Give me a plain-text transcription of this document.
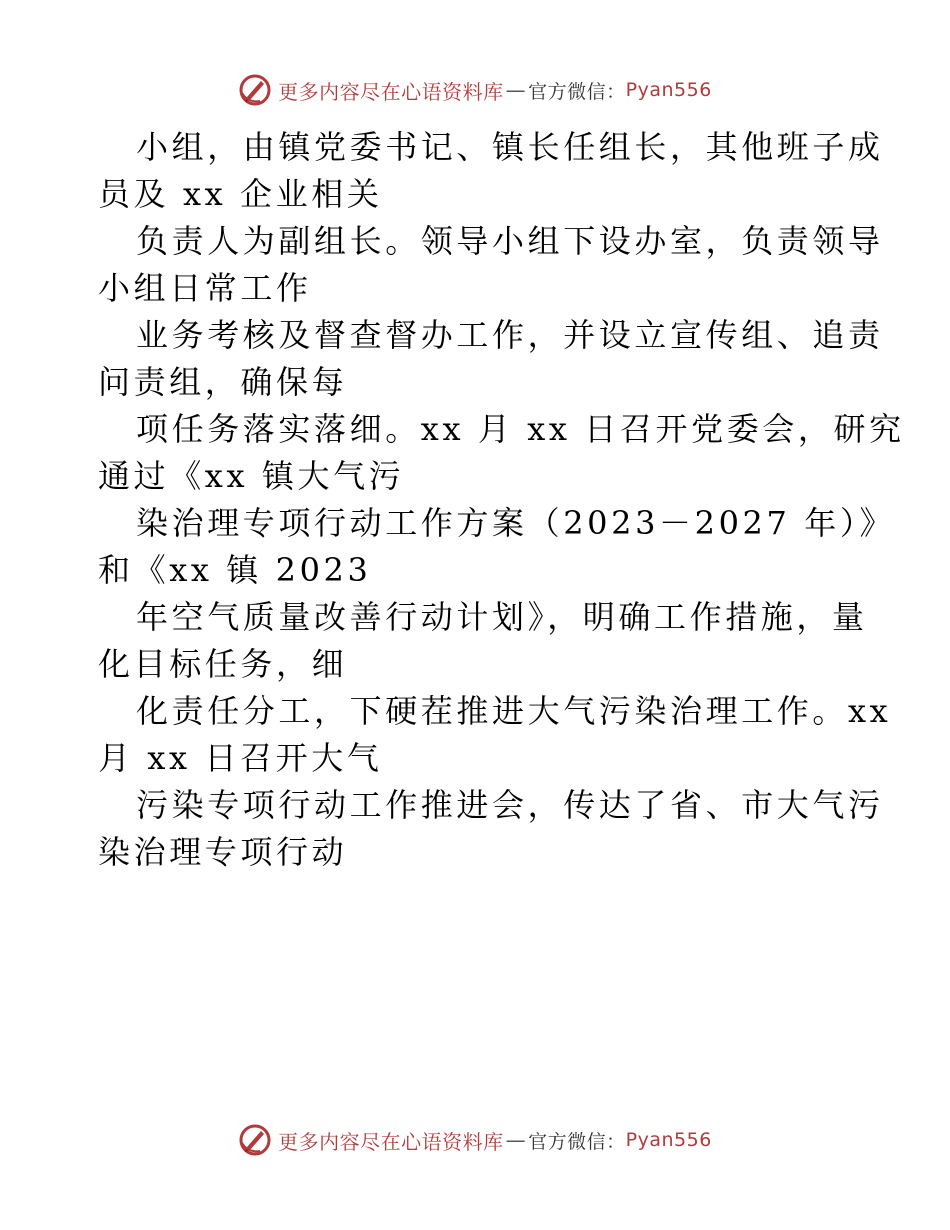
更多内容尽在心语资料库 — 官方微信： Pyan556
小组，由镇党委书记、镇长任组长，其他班子成
员及 xx 企业相关
负责人为副组长。领导小组下设办室，负责领导
小组日常工作
业务考核及督查督办工作，并设立宣传组、追责
问责组，确保每
项任务落实落细。xx 月 xx 日召开党委会，研究
通过《xx 镇大气污
染治理专项行动工作方案（2023－2027 年）》
和《xx 镇 2023
年空气质量改善行动计划》，明确工作措施，量
化目标任务，细
化责任分工，下硬茬推进大气污染治理工作。xx
月 xx 日召开大气
污染专项行动工作推进会，传达了省、市大气污
染治理专项行动
更多内容尽在心语资料库 — 官方微信： Pyan556
